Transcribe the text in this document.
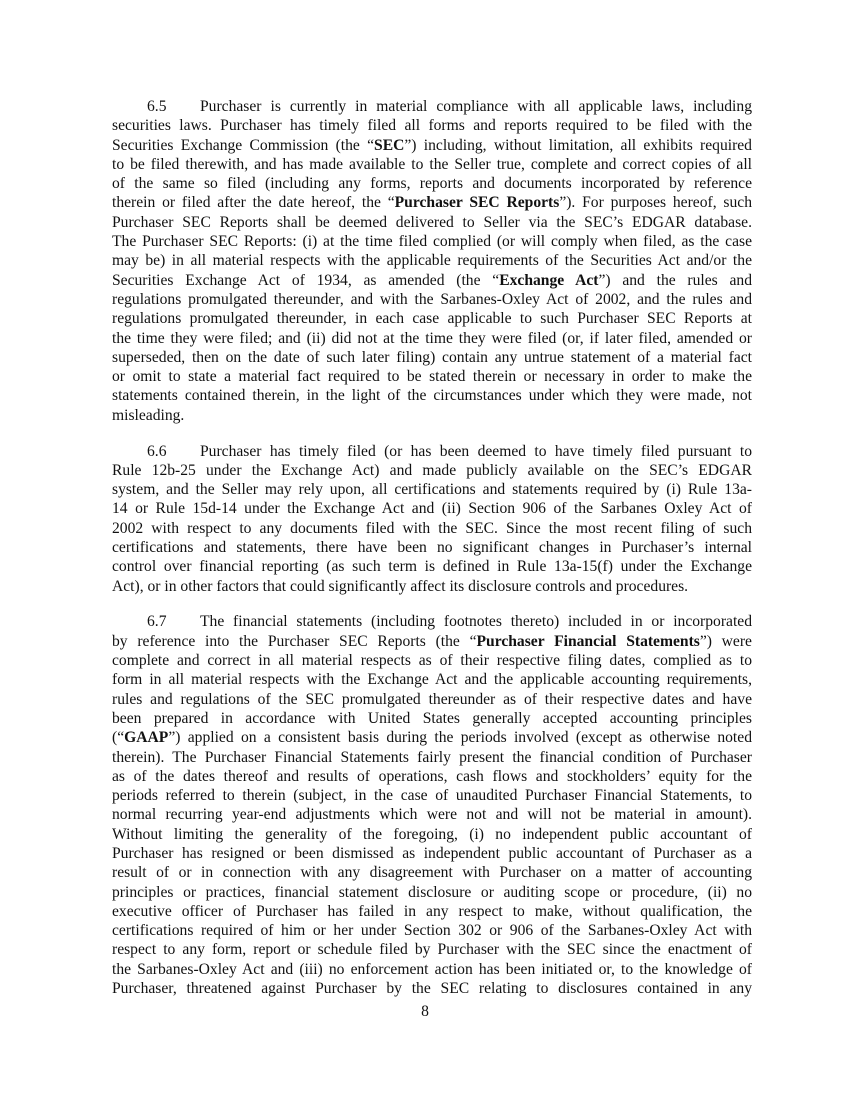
6.5 Purchaser is currently in material compliance with all applicable laws, including
securities laws. Purchaser has timely filed all forms and reports required to be filed with the
Securities Exchange Commission (the “SEC”) including, without limitation, all exhibits required
to be filed therewith, and has made available to the Seller true, complete and correct copies of all
of the same so filed (including any forms, reports and documents incorporated by reference
therein or filed after the date hereof, the “Purchaser SEC Reports”). For purposes hereof, such
Purchaser SEC Reports shall be deemed delivered to Seller via the SEC’s EDGAR database.
The Purchaser SEC Reports: (i) at the time filed complied (or will comply when filed, as the case
may be) in all material respects with the applicable requirements of the Securities Act and/or the
Securities Exchange Act of 1934, as amended (the “Exchange Act”) and the rules and
regulations promulgated thereunder, and with the Sarbanes-Oxley Act of 2002, and the rules and
regulations promulgated thereunder, in each case applicable to such Purchaser SEC Reports at
the time they were filed; and (ii) did not at the time they were filed (or, if later filed, amended or
superseded, then on the date of such later filing) contain any untrue statement of a material fact
or omit to state a material fact required to be stated therein or necessary in order to make the
statements contained therein, in the light of the circumstances under which they were made, not
misleading.
6.6 Purchaser has timely filed (or has been deemed to have timely filed pursuant to
Rule 12b-25 under the Exchange Act) and made publicly available on the SEC’s EDGAR
system, and the Seller may rely upon, all certifications and statements required by (i) Rule 13a-
14 or Rule 15d-14 under the Exchange Act and (ii) Section 906 of the Sarbanes Oxley Act of
2002 with respect to any documents filed with the SEC. Since the most recent filing of such
certifications and statements, there have been no significant changes in Purchaser’s internal
control over financial reporting (as such term is defined in Rule 13a-15(f) under the Exchange
Act), or in other factors that could significantly affect its disclosure controls and procedures.
6.7 The financial statements (including footnotes thereto) included in or incorporated
by reference into the Purchaser SEC Reports (the “Purchaser Financial Statements”) were
complete and correct in all material respects as of their respective filing dates, complied as to
form in all material respects with the Exchange Act and the applicable accounting requirements,
rules and regulations of the SEC promulgated thereunder as of their respective dates and have
been prepared in accordance with United States generally accepted accounting principles
(“GAAP”) applied on a consistent basis during the periods involved (except as otherwise noted
therein). The Purchaser Financial Statements fairly present the financial condition of Purchaser
as of the dates thereof and results of operations, cash flows and stockholders’ equity for the
periods referred to therein (subject, in the case of unaudited Purchaser Financial Statements, to
normal recurring year-end adjustments which were not and will not be material in amount).
Without limiting the generality of the foregoing, (i) no independent public accountant of
Purchaser has resigned or been dismissed as independent public accountant of Purchaser as a
result of or in connection with any disagreement with Purchaser on a matter of accounting
principles or practices, financial statement disclosure or auditing scope or procedure, (ii) no
executive officer of Purchaser has failed in any respect to make, without qualification, the
certifications required of him or her under Section 302 or 906 of the Sarbanes-Oxley Act with
respect to any form, report or schedule filed by Purchaser with the SEC since the enactment of
the Sarbanes-Oxley Act and (iii) no enforcement action has been initiated or, to the knowledge of
Purchaser, threatened against Purchaser by the SEC relating to disclosures contained in any
8
